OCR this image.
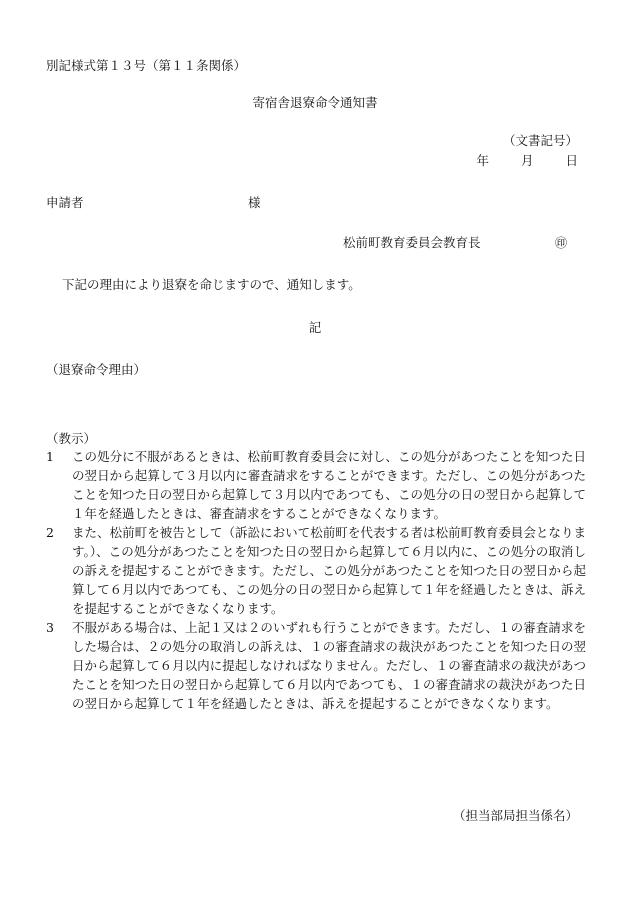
別記様式第１３号（第１１条関係）
寄宿舎退寮命令通知書
（文書記号）
年	月	日
申請者	様
松前町教育委員会教育長	㊞
下記の理由により退寮を命じますので、通知します。
記
（退寮命令理由）
（教示）
1	この処分に不服があるときは、松前町教育委員会に対し、この処分があつたことを知つた日の翌日から起算して３月以内に審査請求をすることができます。ただし、この処分があつたことを知つた日の翌日から起算して３月以内であつても、この処分の日の翌日から起算して１年を経過したときは、審査請求をすることができなくなります。
2	また、松前町を被告として（訴訟において松前町を代表する者は松前町教育委員会となります。）、この処分があつたことを知つた日の翌日から起算して６月以内に、この処分の取消しの訴えを提起することができます。ただし、この処分があつたことを知つた日の翌日から起算して６月以内であつても、この処分の日の翌日から起算して１年を経過したときは、訴えを提起することができなくなります。
3	不服がある場合は、上記１又は２のいずれも行うことができます。ただし、１の審査請求をした場合は、２の処分の取消しの訴えは、１の審査請求の裁決があつたことを知つた日の翌日から起算して６月以内に提起しなければなりません。ただし、１の審査請求の裁決があつたことを知つた日の翌日から起算して６月以内であつても、１の審査請求の裁決があつた日の翌日から起算して１年を経過したときは、訴えを提起することができなくなります。
（担当部局担当係名）
